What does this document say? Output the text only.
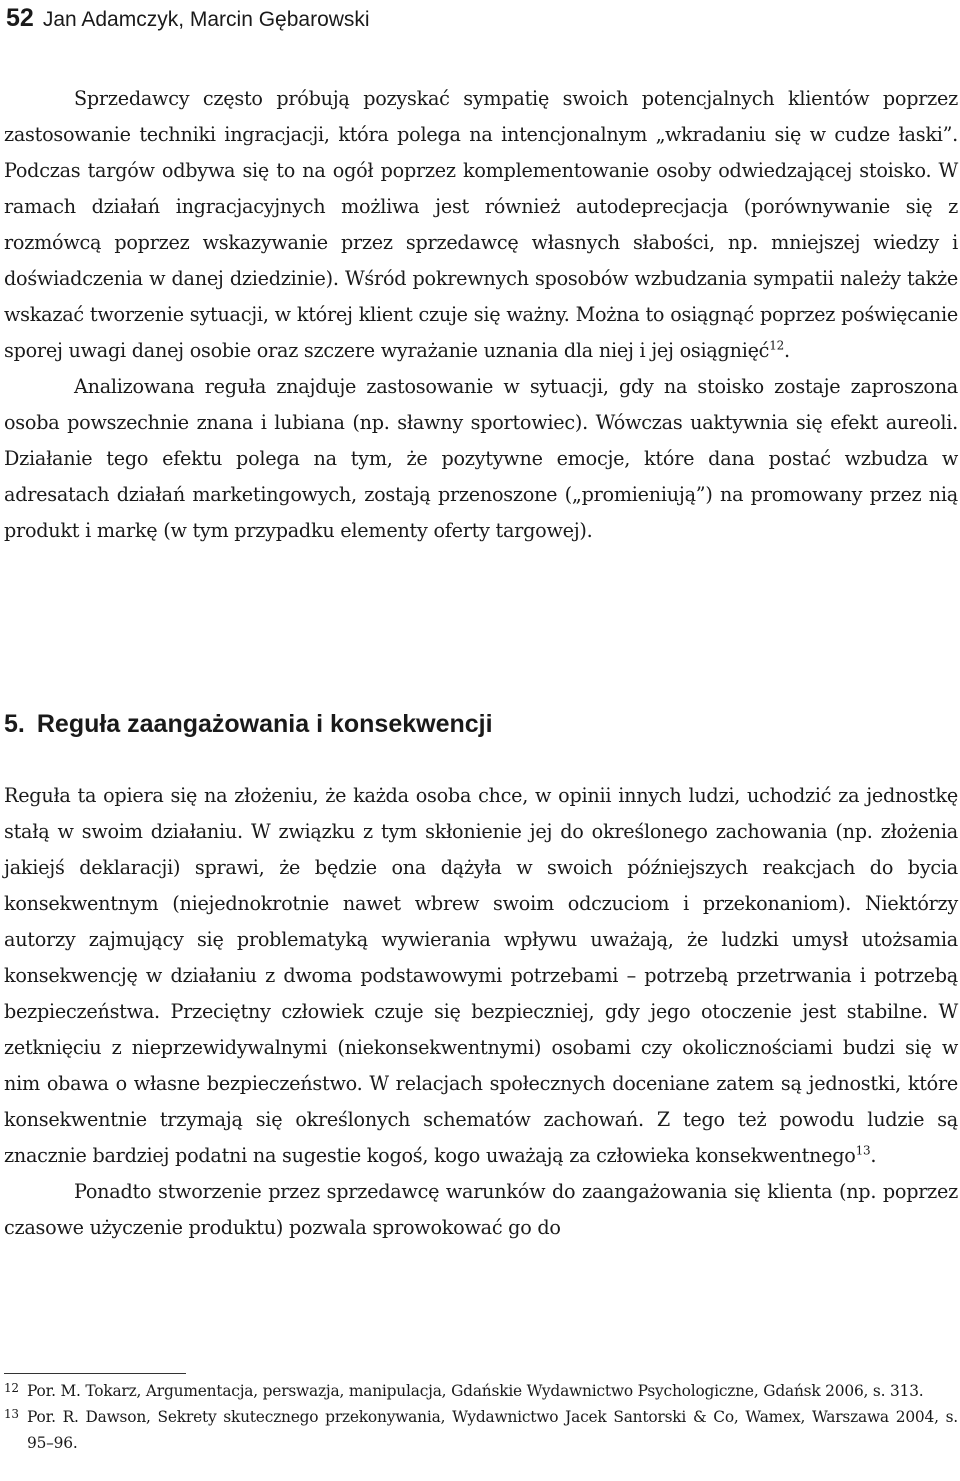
52 Jan Adamczyk, Marcin Gębarowski

Sprzedawcy często próbują pozyskać sympatię swoich potencjalnych klientów poprzez zastosowanie techniki ingracjacji, która polega na intencjonalnym „wkradaniu się w cudze łaski”. Podczas targów odbywa się to na ogół poprzez komplementowanie osoby odwiedzającej stoisko. W ramach działań ingracjacyjnych możliwa jest również autodeprecjacja (porównywanie się z rozmówcą poprzez wskazywanie przez sprzedawcę własnych słabości, np. mniejszej wiedzy i doświadczenia w danej dziedzinie). Wśród pokrewnych sposobów wzbudzania sympatii należy także wskazać tworzenie sytuacji, w której klient czuje się ważny. Można to osiągnąć poprzez poświęcanie sporej uwagi danej osobie oraz szczere wyrażanie uznania dla niej i jej osiągnięć$^{12}$.

Analizowana reguła znajduje zastosowanie w sytuacji, gdy na stoisko zostaje zaproszona osoba powszechnie znana i lubiana (np. sławny sportowiec). Wówczas uaktywnia się efekt aureoli. Działanie tego efektu polega na tym, że pozytywne emocje, które dana postać wzbudza w adresatach działań marketingowych, zostają przenoszone („promieniują”) na promowany przez nią produkt i markę (w tym przypadku elementy oferty targowej).

5. Reguła zaangażowania i konsekwencji

Reguła ta opiera się na złożeniu, że każda osoba chce, w opinii innych ludzi, uchodzić za jednostkę stałą w swoim działaniu. W związku z tym skłonienie jej do określonego zachowania (np. złożenia jakiejś deklaracji) sprawi, że będzie ona dążyła w swoich późniejszych reakcjach do bycia konsekwentnym (niejednokrotnie nawet wbrew swoim odczuciom i przekonaniom). Niektórzy autorzy zajmujący się problematyką wywierania wpływu uważają, że ludzki umysł utożsamia konsekwencję w działaniu z dwoma podstawowymi potrzebami – potrzebą przetrwania i potrzebą bezpieczeństwa. Przeciętny człowiek czuje się bezpieczniej, gdy jego otoczenie jest stabilne. W zetknięciu z nieprzewidywalnymi (niekonsekwentnymi) osobami czy okolicznościami budzi się w nim obawa o własne bezpieczeństwo. W relacjach społecznych doceniane zatem są jednostki, które konsekwentnie trzymają się określonych schematów zachowań. Z tego też powodu ludzie są znacznie bardziej podatni na sugestie kogoś, kogo uważają za człowieka konsekwentnego$^{13}$.

Ponadto stworzenie przez sprzedawcę warunków do zaangażowania się klienta (np. poprzez czasowe użyczenie produktu) pozwala sprowokować go do

12 Por. M. Tokarz, Argumentacja, perswazja, manipulacja, Gdańskie Wydawnictwo Psychologiczne, Gdańsk 2006, s. 313.

13 Por. R. Dawson, Sekrety skutecznego przekonywania, Wydawnictwo Jacek Santorski & Co, Wamex, Warszawa 2004, s. 95–96.
